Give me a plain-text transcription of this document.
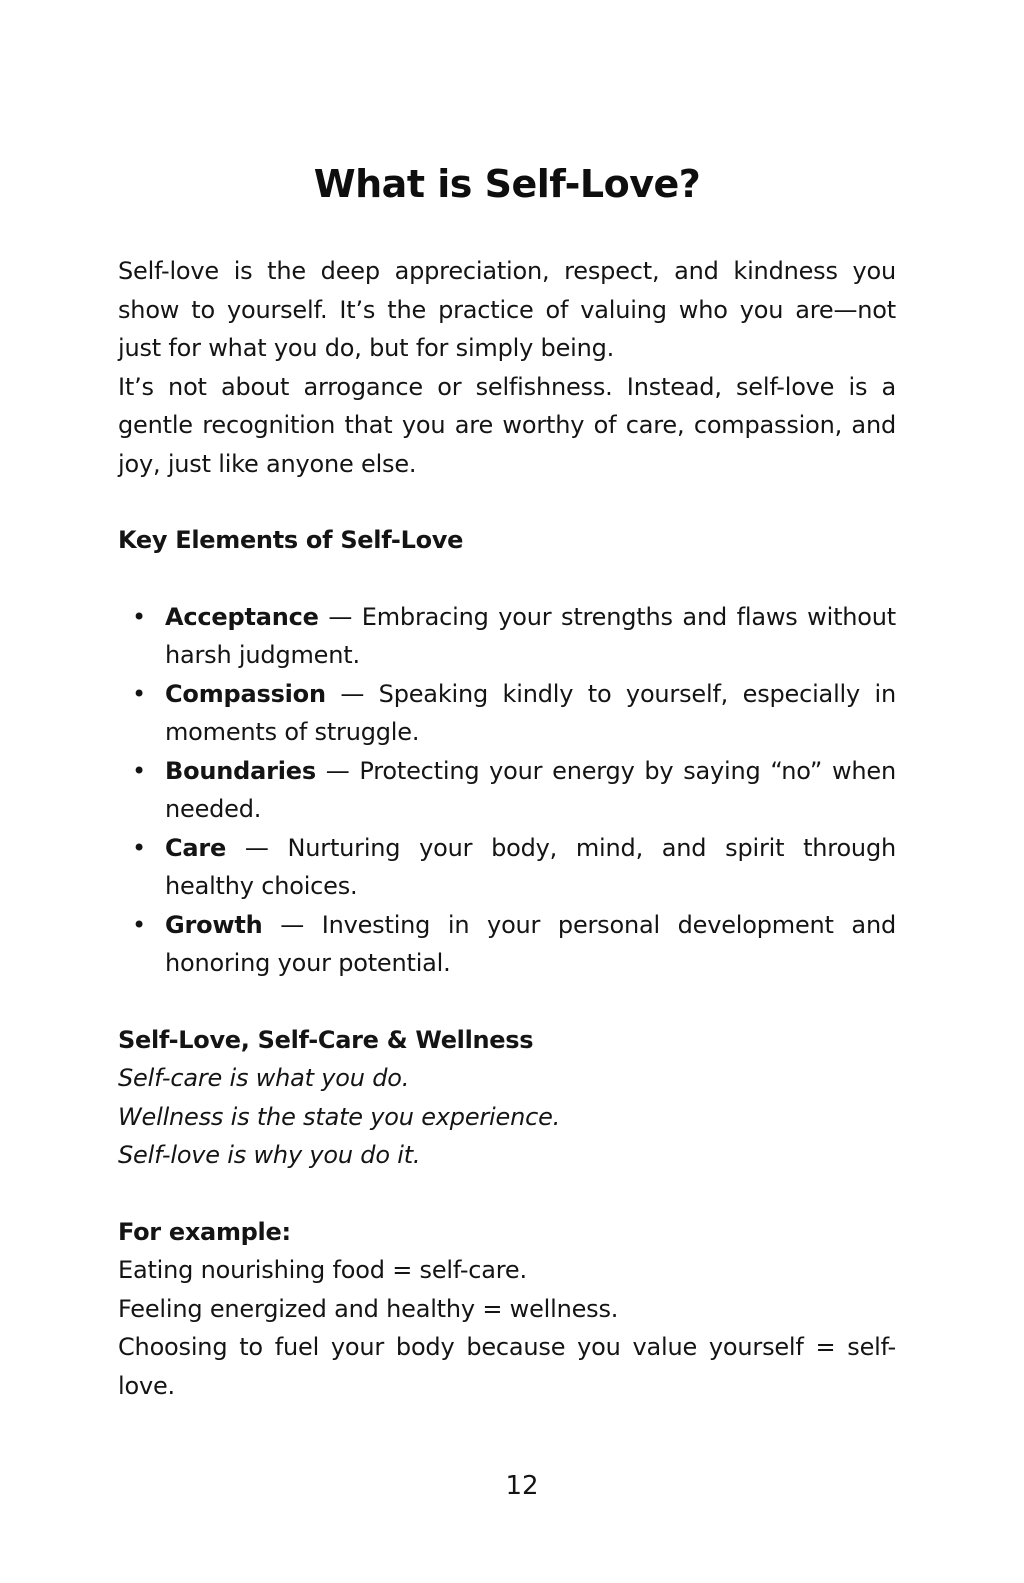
What is Self-Love?

Self-love is the deep appreciation, respect, and kindness you show to yourself. It’s the practice of valuing who you are—not just for what you do, but for simply being.

It’s not about arrogance or selfishness. Instead, self-love is a gentle recognition that you are worthy of care, compassion, and joy, just like anyone else.

Key Elements of Self-Love
• Acceptance — Embracing your strengths and flaws without harsh judgment.
• Compassion — Speaking kindly to yourself, especially in moments of struggle.
• Boundaries — Protecting your energy by saying “no” when needed.
• Care — Nurturing your body, mind, and spirit through healthy choices.
• Growth — Investing in your personal development and honoring your potential.
Self-Love, Self-Care & Wellness

Self-care is what you do.

Wellness is the state you experience.

Self-love is why you do it.

For example:

Eating nourishing food = self-care.

Feeling energized and healthy = wellness.

Choosing to fuel your body because you value yourself = self-love.

12
